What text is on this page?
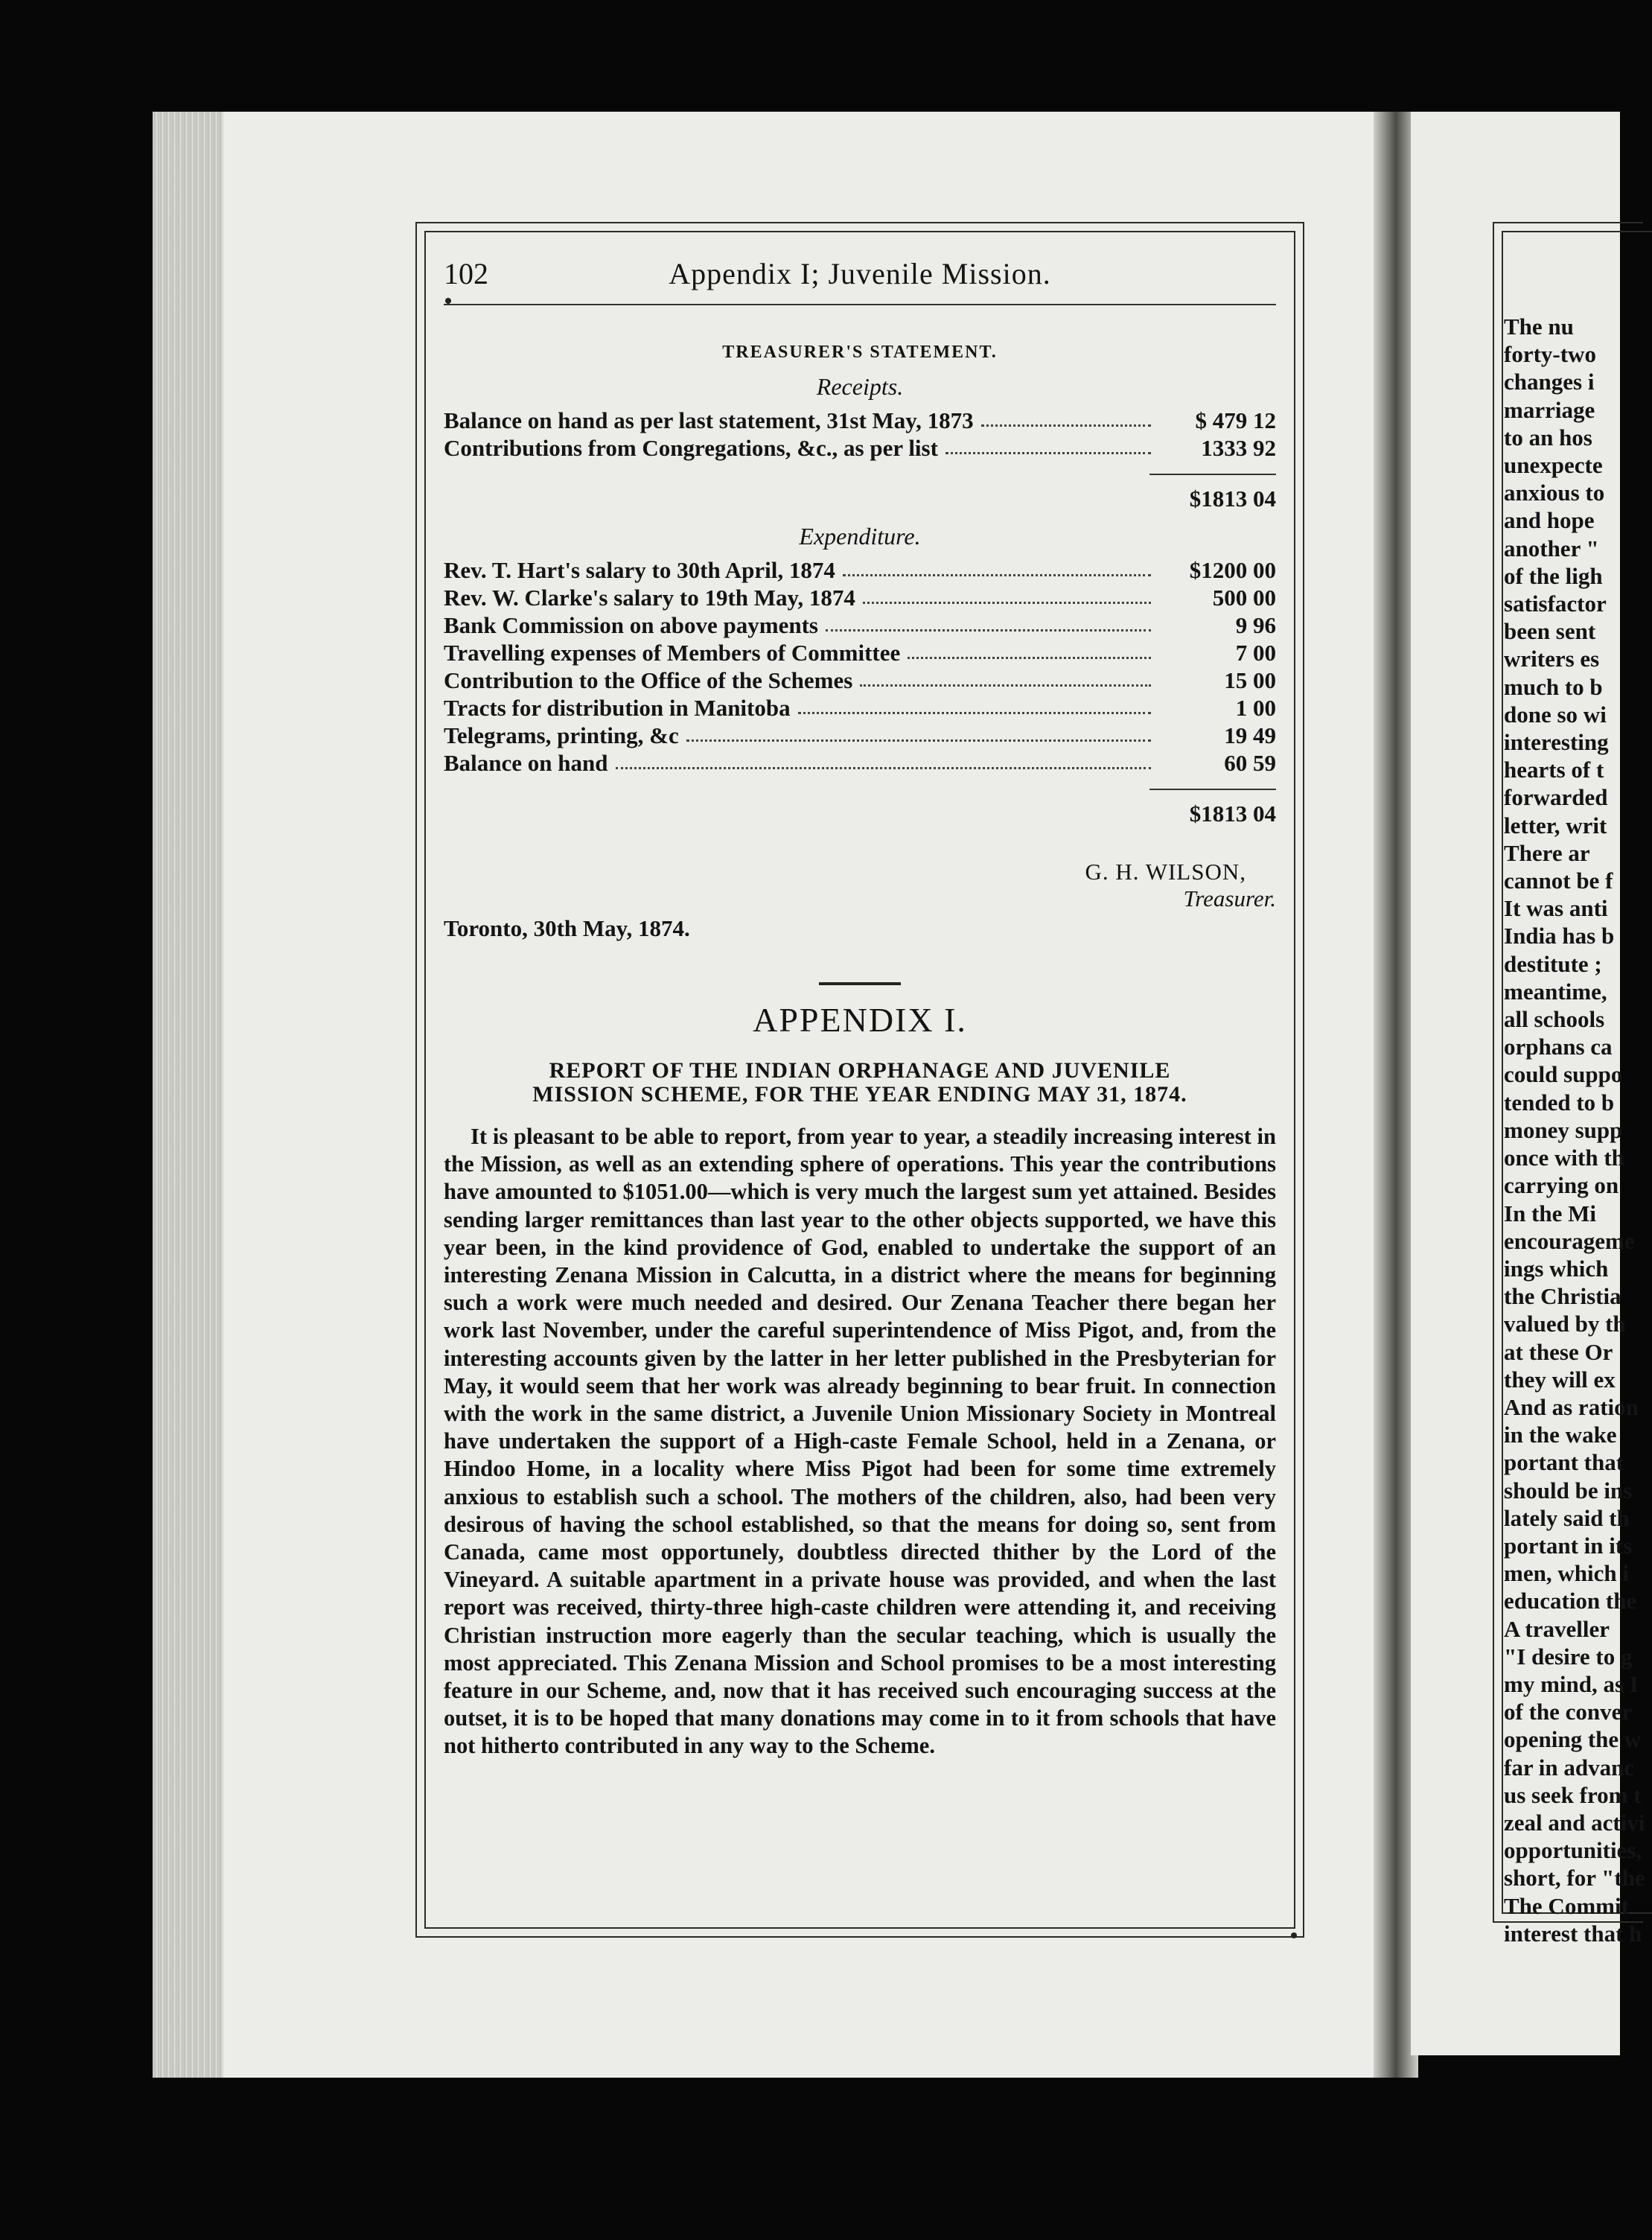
102	Appendix I; Juvenile Mission.
TREASURER'S STATEMENT.
Receipts.
Balance on hand as per last statement, 31st May, 1873	$ 479 12
Contributions from Congregations, &c., as per list	1333 92
$1813 04
Expenditure.
Rev. T. Hart's salary to 30th April, 1874	$1200 00
Rev. W. Clarke's salary to 19th May, 1874	500 00
Bank Commission on above payments	9 96
Travelling expenses of Members of Committee	7 00
Contribution to the Office of the Schemes	15 00
Tracts for distribution in Manitoba	1 00
Telegrams, printing, &c	19 49
Balance on hand	60 59
$1813 04
G. H. WILSON,
Treasurer.
Toronto, 30th May, 1874.
APPENDIX I.
REPORT OF THE INDIAN ORPHANAGE AND JUVENILE
MISSION SCHEME, FOR THE YEAR ENDING MAY 31, 1874.
It is pleasant to be able to report, from year to year, a steadily increasing interest in the Mission, as well as an extending sphere of operations. This year the contributions have amounted to $1051.00—which is very much the largest sum yet attained. Besides sending larger remittances than last year to the other objects supported, we have this year been, in the kind providence of God, enabled to undertake the support of an interesting Zenana Mission in Calcutta, in a district where the means for beginning such a work were much needed and desired. Our Zenana Teacher there began her work last November, under the careful superintendence of Miss Pigot, and, from the interesting accounts given by the latter in her letter published in the Presbyterian for May, it would seem that her work was already beginning to bear fruit. In connection with the work in the same district, a Juvenile Union Missionary Society in Montreal have undertaken the support of a High-caste Female School, held in a Zenana, or Hindoo Home, in a locality where Miss Pigot had been for some time extremely anxious to establish such a school. The mothers of the children, also, had been very desirous of having the school established, so that the means for doing so, sent from Canada, came most opportunely, doubtless directed thither by the Lord of the Vineyard. A suitable apartment in a private house was provided, and when the last report was received, thirty-three high-caste children were attending it, and receiving Christian instruction more eagerly than the secular teaching, which is usually the most appreciated. This Zenana Mission and School promises to be a most interesting feature in our Scheme, and, now that it has received such encouraging success at the outset, it is to be hoped that many donations may come in to it from schools that have not hitherto contributed in any way to the Scheme.
The nu
forty-two
changes i
marriage
to an hos
unexpecte
anxious to
and hope
another "
of the ligh
satisfactor
been sent
writers es
much to b
done so wi
interesting
hearts of t
forwarded
letter, writ
There ar
cannot be f
It was anti
India has b
destitute ;
meantime,
all schools
orphans ca
could suppo
tended to b
money supp
once with th
carrying on
In the Mi
encourageme
ings which
the Christia
valued by th
at these Or
they will ex
And as ration
in the wake
portant that
should be ins
lately said th
portant in its
men, which i
education the
A traveller
"I desire to g
my mind, as I
of the conver
opening the w
far in advanc
us seek from t
zeal and activi
opportunities,
short, for "the
The Commit
interest that h
